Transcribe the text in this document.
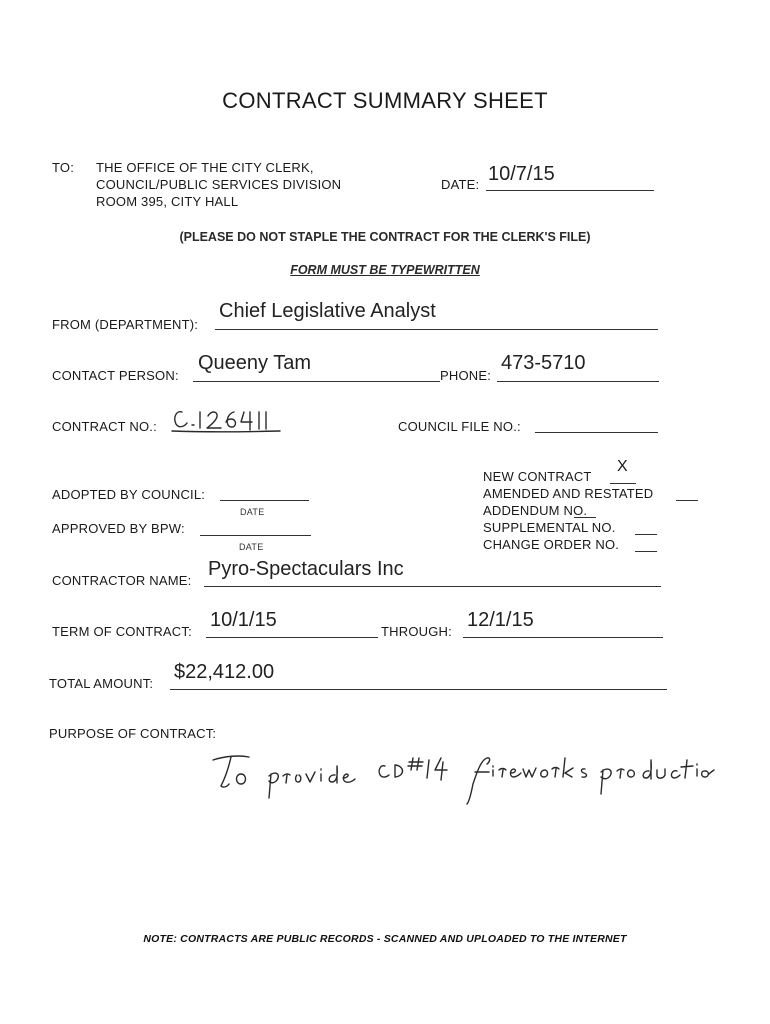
CONTRACT SUMMARY SHEET
TO: THE OFFICE OF THE CITY CLERK,
COUNCIL/PUBLIC SERVICES DIVISION
ROOM 395, CITY HALL
DATE: 10/7/15
(PLEASE DO NOT STAPLE THE CONTRACT FOR THE CLERK'S FILE)
FORM MUST BE TYPEWRITTEN
FROM (DEPARTMENT):
Chief Legislative Analyst
CONTACT PERSON:
Queeny Tam
PHONE:
473-5710
CONTRACT NO.:	COUNCIL FILE NO.:
ADOPTED BY COUNCIL:
DATE
APPROVED BY BPW:
DATE
NEW CONTRACT
X
AMENDED AND RESTATED
ADDENDUM NO.
SUPPLEMENTAL NO.
CHANGE ORDER NO.
CONTRACTOR NAME:
Pyro-Spectaculars Inc
TERM OF CONTRACT:
10/1/15
THROUGH:
12/1/15
TOTAL AMOUNT:
$22,412.00
PURPOSE OF CONTRACT:
NOTE: CONTRACTS ARE PUBLIC RECORDS - SCANNED AND UPLOADED TO THE INTERNET
